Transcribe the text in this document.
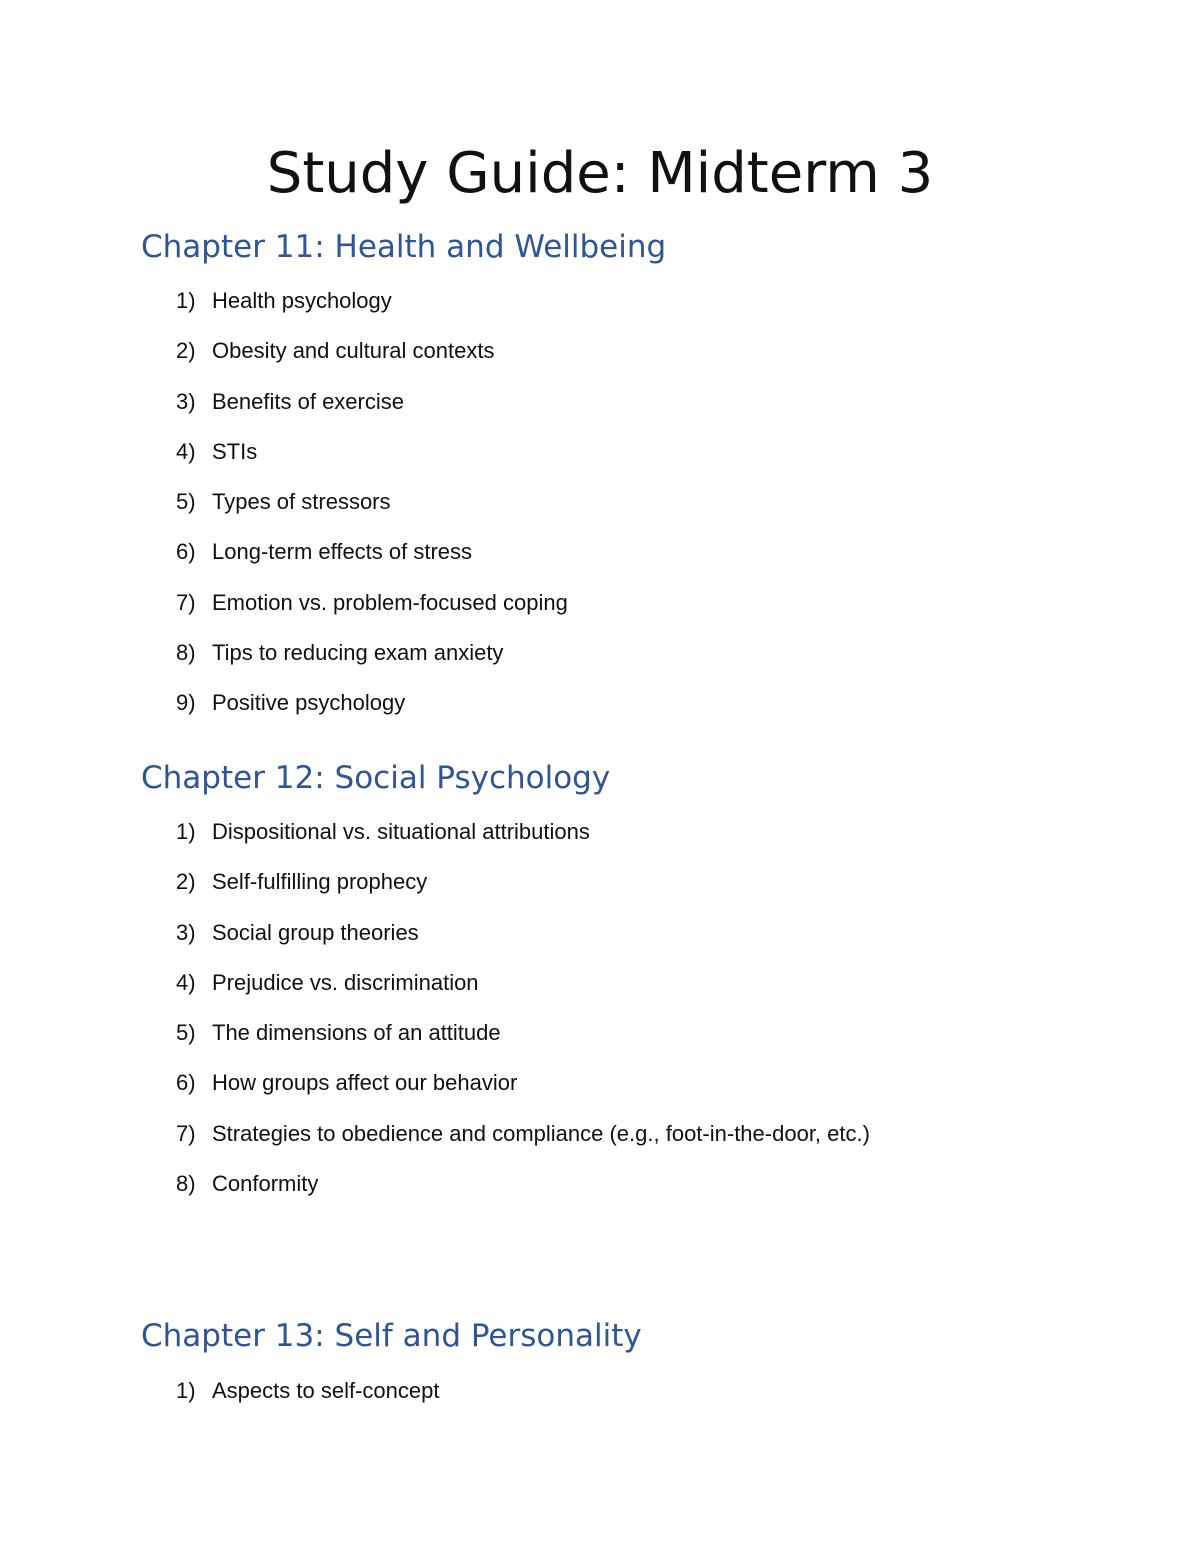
Study Guide: Midterm 3
Chapter 11: Health and Wellbeing
1) Health psychology
2) Obesity and cultural contexts
3) Benefits of exercise
4) STIs
5) Types of stressors
6) Long-term effects of stress
7) Emotion vs. problem-focused coping
8) Tips to reducing exam anxiety
9) Positive psychology
Chapter 12: Social Psychology
1) Dispositional vs. situational attributions
2) Self-fulfilling prophecy
3) Social group theories
4) Prejudice vs. discrimination
5) The dimensions of an attitude
6) How groups affect our behavior
7) Strategies to obedience and compliance (e.g., foot-in-the-door, etc.)
8) Conformity
Chapter 13: Self and Personality
1) Aspects to self-concept
